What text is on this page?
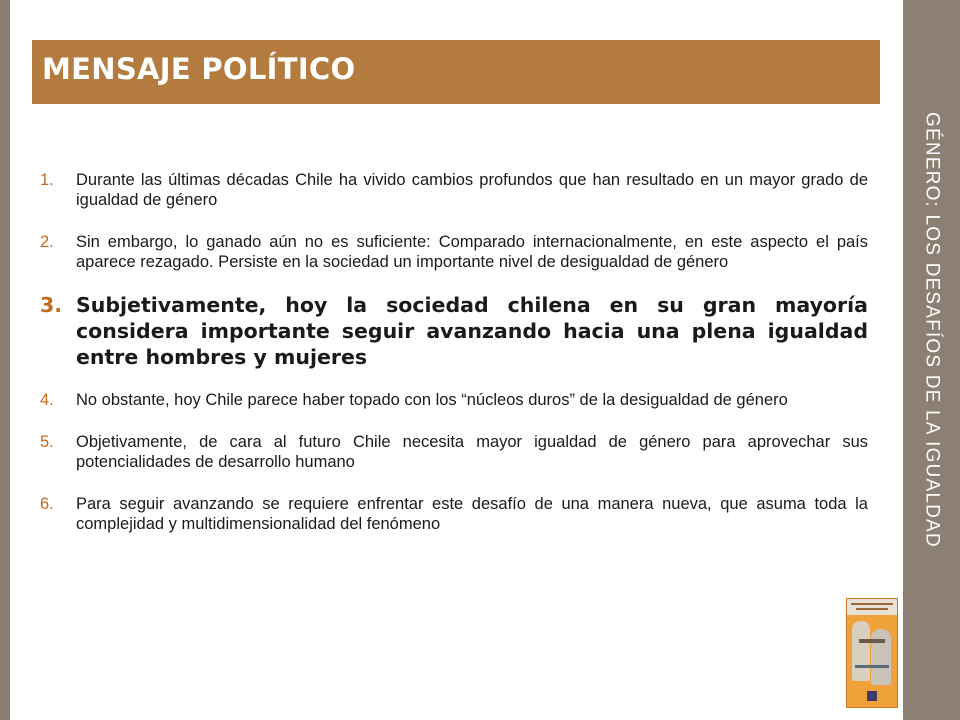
GÉNERO: LOS DESAFÍOS DE LA IGUALDAD
MENSAJE POLÍTICO
1. Durante las últimas décadas Chile ha vivido cambios profundos que han resultado en un mayor grado de igualdad de género
2. Sin embargo, lo ganado aún no es suficiente: Comparado internacionalmente, en este aspecto el país aparece rezagado. Persiste en la sociedad un importante nivel de desigualdad de género
3. Subjetivamente, hoy la sociedad chilena en su gran mayoría considera importante seguir avanzando hacia una plena igualdad entre hombres y mujeres
4. No obstante, hoy Chile parece haber topado con los “núcleos duros” de la desigualdad de género
5. Objetivamente, de cara al futuro Chile necesita mayor igualdad de género para aprovechar sus potencialidades de desarrollo humano
6. Para seguir avanzando se requiere enfrentar este desafío de una manera nueva, que asuma toda la complejidad y multidimensionalidad del fenómeno
